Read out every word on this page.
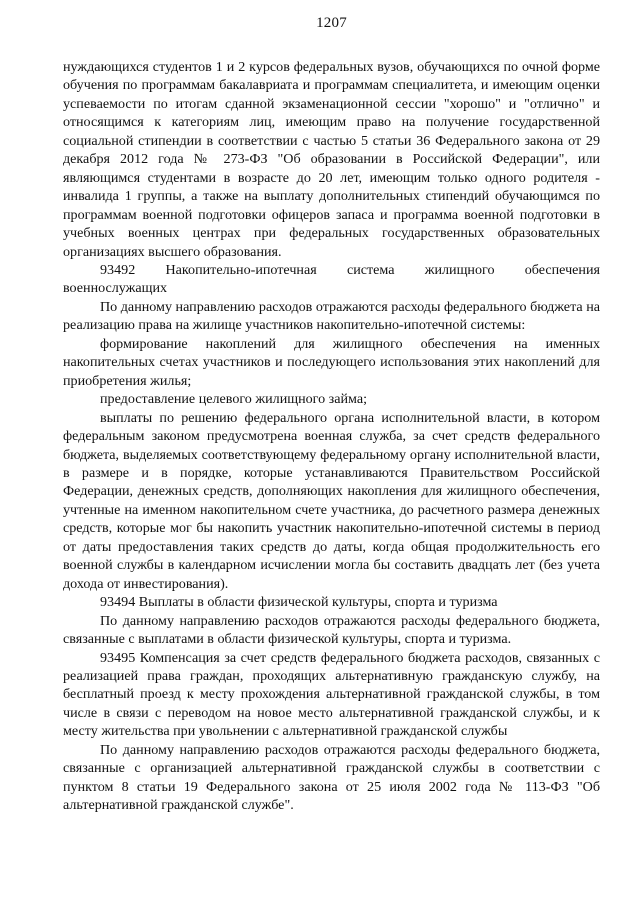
1207

нуждающихся студентов 1 и 2 курсов федеральных вузов, обучающихся по очной форме обучения по программам бакалавриата и программам специалитета, и имеющим оценки успеваемости по итогам сданной экзаменационной сессии "хорошо" и "отлично" и относящимся к категориям лиц, имеющим право на получение государственной социальной стипендии в соответствии с частью 5 статьи 36 Федерального закона от 29 декабря 2012 года № 273-ФЗ "Об образовании в Российской Федерации", или являющимся студентами в возрасте до 20 лет, имеющим только одного родителя - инвалида 1 группы, а также на выплату дополнительных стипендий обучающимся по программам военной подготовки офицеров запаса и программа военной подготовки в учебных военных центрах при федеральных государственных образовательных организациях высшего образования.

93492 Накопительно-ипотечная система жилищного обеспечения военнослужащих

По данному направлению расходов отражаются расходы федерального бюджета на реализацию права на жилище участников накопительно-ипотечной системы:

формирование накоплений для жилищного обеспечения на именных накопительных счетах участников и последующего использования этих накоплений для приобретения жилья;

предоставление целевого жилищного займа;

выплаты по решению федерального органа исполнительной власти, в котором федеральным законом предусмотрена военная служба, за счет средств федерального бюджета, выделяемых соответствующему федеральному органу исполнительной власти, в размере и в порядке, которые устанавливаются Правительством Российской Федерации, денежных средств, дополняющих накопления для жилищного обеспечения, учтенные на именном накопительном счете участника, до расчетного размера денежных средств, которые мог бы накопить участник накопительно-ипотечной системы в период от даты предоставления таких средств до даты, когда общая продолжительность его военной службы в календарном исчислении могла бы составить двадцать лет (без учета дохода от инвестирования).

93494 Выплаты в области физической культуры, спорта и туризма

По данному направлению расходов отражаются расходы федерального бюджета, связанные с выплатами в области физической культуры, спорта и туризма.

93495 Компенсация за счет средств федерального бюджета расходов, связанных с реализацией права граждан, проходящих альтернативную гражданскую службу, на бесплатный проезд к месту прохождения альтернативной гражданской службы, в том числе в связи с переводом на новое место альтернативной гражданской службы, и к месту жительства при увольнении с альтернативной гражданской службы

По данному направлению расходов отражаются расходы федерального бюджета, связанные с организацией альтернативной гражданской службы в соответствии с пунктом 8 статьи 19 Федерального закона от 25 июля 2002 года № 113-ФЗ "Об альтернативной гражданской службе".
